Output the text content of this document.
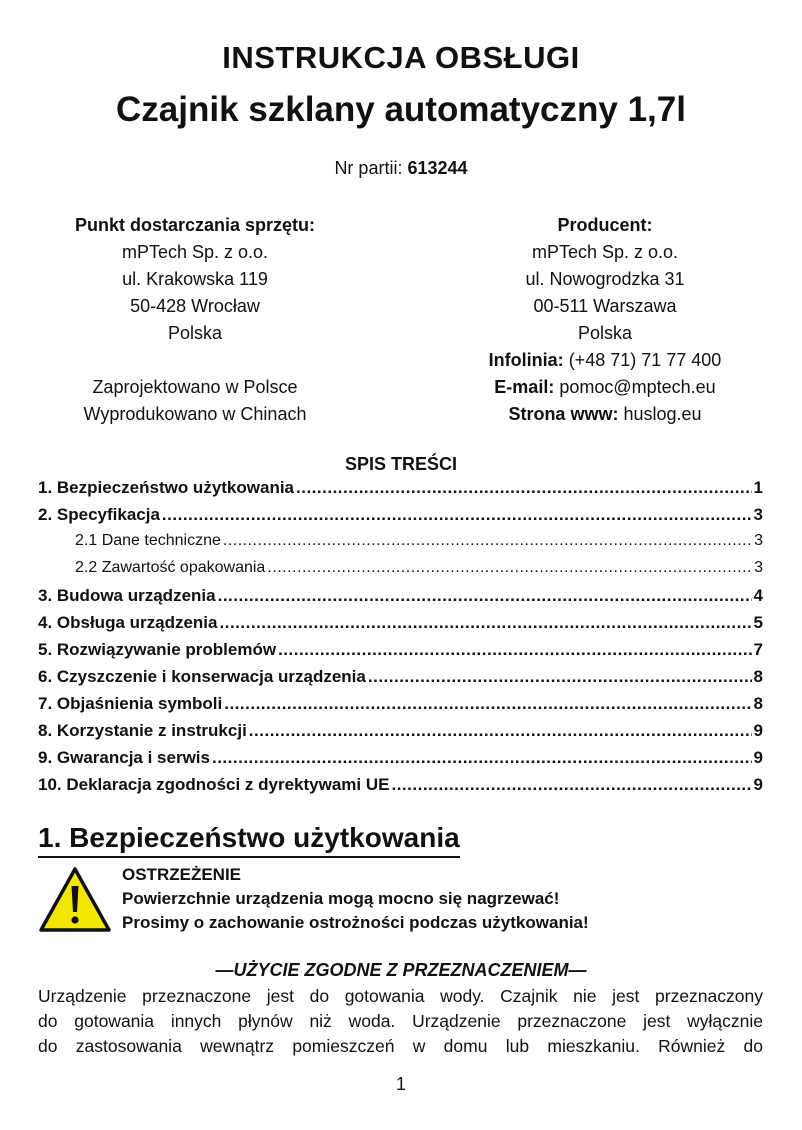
INSTRUKCJA OBSŁUGI
Czajnik szklany automatyczny 1,7l
Nr partii: 613244
Punkt dostarczania sprzętu:
mPTech Sp. z o.o.
ul. Krakowska 119
50-428 Wrocław
Polska
Zaprojektowano w Polsce
Wyprodukowano w Chinach
Producent:
mPTech Sp. z o.o.
ul. Nowogrodzka 31
00-511 Warszawa
Polska
Infolinia: (+48 71) 71 77 400
E-mail: pomoc@mptech.eu
Strona www: huslog.eu
SPIS TREŚCI
1. Bezpieczeństwo użytkowania .....	1
2. Specyfikacja .....	3
2.1 Dane techniczne .....	3
2.2 Zawartość opakowania .....	3
3. Budowa urządzenia .....	4
4. Obsługa urządzenia .....	5
5. Rozwiązywanie problemów .....	7
6. Czyszczenie i konserwacja urządzenia .....	8
7. Objaśnienia symboli .....	8
8. Korzystanie z instrukcji .....	9
9. Gwarancja i serwis .....	9
10. Deklaracja zgodności z dyrektywami UE .....	9
1. Bezpieczeństwo użytkowania
OSTRZEŻENIE
Powierzchnie urządzenia mogą mocno się nagrzewać!
Prosimy o zachowanie ostrożności podczas użytkowania!
—UŻYCIE ZGODNE Z PRZEZNACZENIEM—
Urządzenie przeznaczone jest do gotowania wody. Czajnik nie jest przeznaczony
do gotowania innych płynów niż woda. Urządzenie przeznaczone jest wyłącznie
do zastosowania wewnątrz pomieszczeń w domu lub mieszkaniu. Również do
1
